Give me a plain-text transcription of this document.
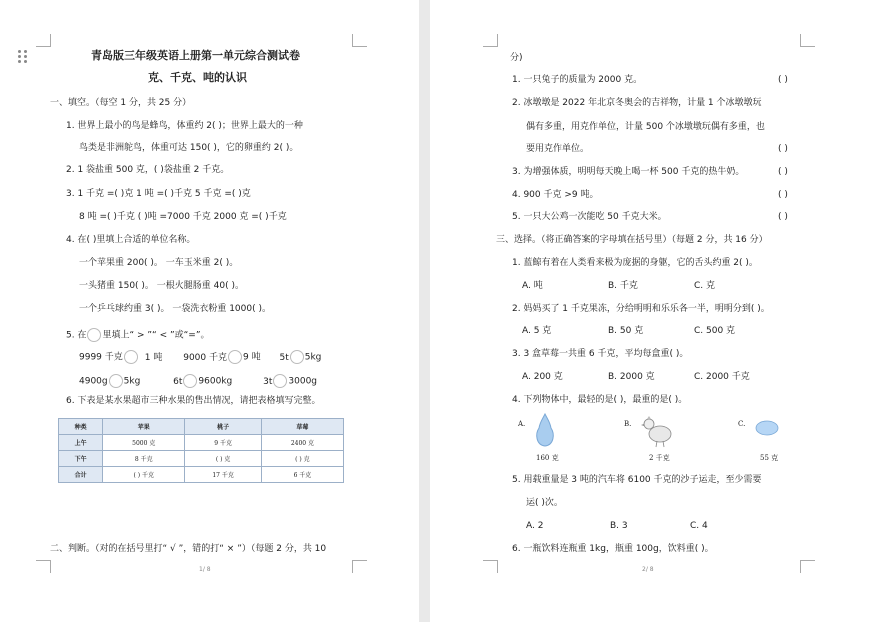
青岛版三年级英语上册第一单元综合测试卷
克、千克、吨的认识
一、填空。（每空 1 分，共 25 分）
1. 世界上最小的鸟是蜂鸟，体重约 2( )；世界上最大的一种
鸟类是非洲鸵鸟，体重可达 150( )，它的卵重约 2( )。
2. 1 袋盐重 500 克，( )袋盐重 2 千克。
3. 1 千克 =( )克 1 吨 =( )千克 5 千克 =( )克
8 吨 =( )千克 ( )吨 =7000 千克 2000 克 =( )千克
4. 在( )里填上合适的单位名称。
一个苹果重 200( )。 一车玉米重 2( )。
一头猪重 150( )。 一根火腿肠重 40( )。
一个乒乓球约重 3( )。 一袋洗衣粉重 1000( )。
5. 在 里填上“ > ”“ < ”或“=”。
9999 千克 1 吨 9000 千克 9 吨 5t 5kg
4900g 5kg	6t 9600kg	3t 3000g
6. 下表是某水果超市三种水果的售出情况，请把表格填写完整。
种类	苹果	桃子	草莓
上午	5000 克	9 千克	2400 克
下午	8 千克	( ) 克	( ) 克
合计	( ) 千克	17 千克	6 千克
二、判断。（对的在括号里打“ √ ”，错的打“ × ”）（每题 2 分，共 10
1/ 8
分)
1. 一只兔子的质量为 2000 克。	( )
2. 冰墩墩是 2022 年北京冬奥会的吉祥物，计量 1 个冰墩墩玩
偶有多重，用克作单位，计量 500 个冰墩墩玩偶有多重，也
要用克作单位。	( )
3. 为增强体质，明明每天晚上喝一杯 500 千克的热牛奶。	( )
4. 900 千克 >9 吨。	( )
5. 一只大公鸡一次能吃 50 千克大米。	( )
三、选择。（将正确答案的字母填在括号里）（每题 2 分，共 16 分）
1. 蓝鲸有着在人类看来极为庞据的身躯，它的舌头约重 2( )。
A. 吨	B. 千克	C. 克
2. 妈妈买了 1 千克果冻，分给明明和乐乐各一半，明明分到( )。
A. 5 克	B. 50 克	C. 500 克
3. 3 盒草莓一共重 6 千克，平均每盒重( )。
A. 200 克	B. 2000 克	C. 2000 千克
4. 下列物体中，最轻的是( )，最重的是( )。
A.	B.	C.
160 克	2 千克	55 克
5. 用载重量是 3 吨的汽车将 6100 千克的沙子运走，至少需要
运( )次。
A. 2	B. 3	C. 4
6. 一瓶饮料连瓶重 1kg，瓶重 100g，饮料重( )。
2/ 8
